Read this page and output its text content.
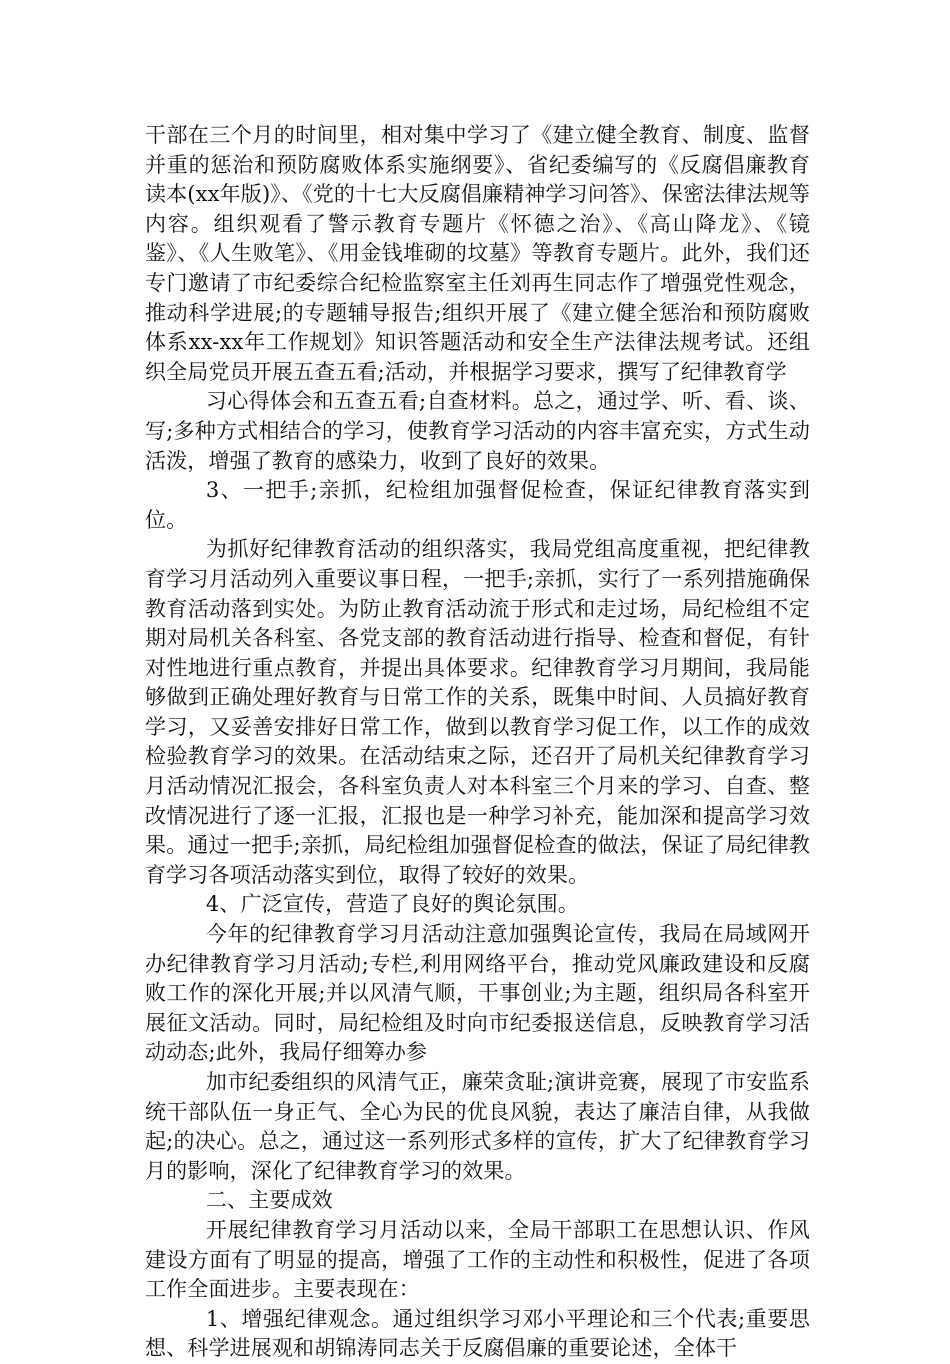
干部在三个月的时间里，相对集中学习了《建立健全教育、制度、监督并重的惩治和预防腐败体系实施纲要》、省纪委编写的《反腐倡廉教育读本(xx年版)》、《党的十七大反腐倡廉精神学习问答》、保密法律法规等内容。组织观看了警示教育专题片《怀德之治》、《高山降龙》、《镜鉴》、《人生败笔》、《用金钱堆砌的坟墓》等教育专题片。此外，我们还专门邀请了市纪委综合纪检监察室主任刘再生同志作了增强党性观念，推动科学进展;的专题辅导报告;组织开展了《建立健全惩治和预防腐败体系xx-xx年工作规划》知识答题活动和安全生产法律法规考试。还组织全局党员开展五查五看;活动，并根据学习要求，撰写了纪律教育学

习心得体会和五查五看;自查材料。总之，通过学、听、看、谈、写;多种方式相结合的学习，使教育学习活动的内容丰富充实，方式生动活泼，增强了教育的感染力，收到了良好的效果。

3、一把手;亲抓，纪检组加强督促检查，保证纪律教育落实到位。

为抓好纪律教育活动的组织落实，我局党组高度重视，把纪律教育学习月活动列入重要议事日程，一把手;亲抓，实行了一系列措施确保教育活动落到实处。为防止教育活动流于形式和走过场，局纪检组不定期对局机关各科室、各党支部的教育活动进行指导、检查和督促，有针对性地进行重点教育，并提出具体要求。纪律教育学习月期间，我局能够做到正确处理好教育与日常工作的关系，既集中时间、人员搞好教育学习，又妥善安排好日常工作，做到以教育学习促工作，以工作的成效检验教育学习的效果。在活动结束之际，还召开了局机关纪律教育学习月活动情况汇报会，各科室负责人对本科室三个月来的学习、自查、整改情况进行了逐一汇报，汇报也是一种学习补充，能加深和提高学习效果。通过一把手;亲抓，局纪检组加强督促检查的做法，保证了局纪律教育学习各项活动落实到位，取得了较好的效果。

4、广泛宣传，营造了良好的舆论氛围。

今年的纪律教育学习月活动注意加强舆论宣传，我局在局域网开办纪律教育学习月活动;专栏,利用网络平台，推动党风廉政建设和反腐败工作的深化开展;并以风清气顺，干事创业;为主题，组织局各科室开展征文活动。同时，局纪检组及时向市纪委报送信息，反映教育学习活动动态;此外，我局仔细筹办参

加市纪委组织的风清气正，廉荣贪耻;演讲竞赛，展现了市安监系统干部队伍一身正气、全心为民的优良风貌，表达了廉洁自律，从我做起;的决心。总之，通过这一系列形式多样的宣传，扩大了纪律教育学习月的影响，深化了纪律教育学习的效果。

二、主要成效

开展纪律教育学习月活动以来，全局干部职工在思想认识、作风建设方面有了明显的提高，增强了工作的主动性和积极性，促进了各项工作全面进步。主要表现在：

1、增强纪律观念。通过组织学习邓小平理论和三个代表;重要思想、科学进展观和胡锦涛同志关于反腐倡廉的重要论述，全体干
